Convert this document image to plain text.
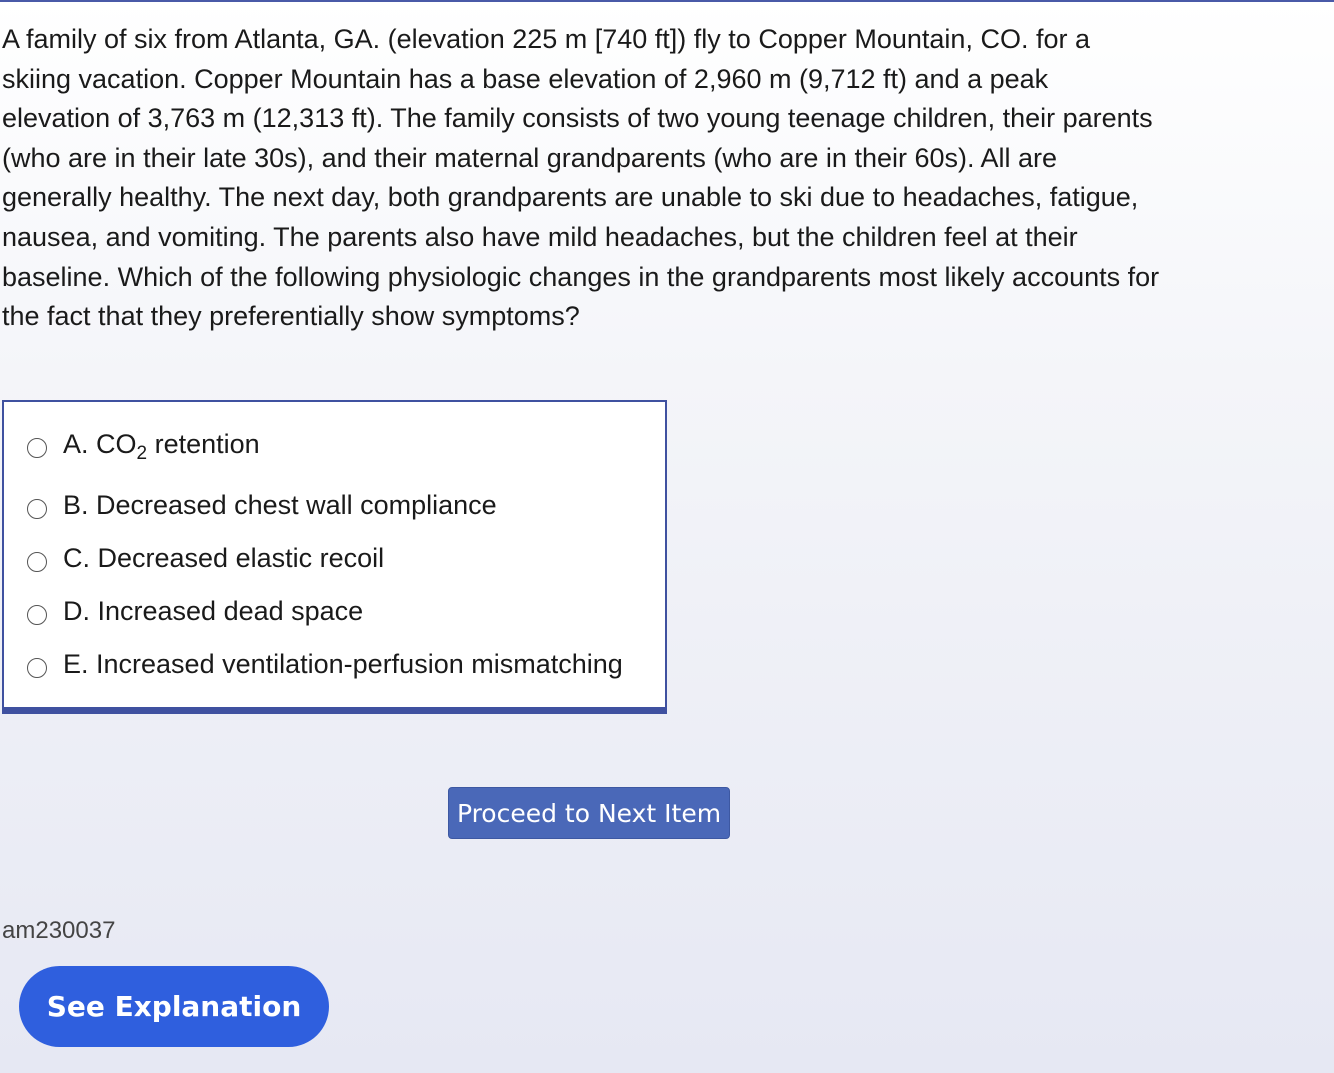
A family of six from Atlanta, GA. (elevation 225 m [740 ft]) fly to Copper Mountain, CO. for a skiing vacation. Copper Mountain has a base elevation of 2,960 m (9,712 ft) and a peak elevation of 3,763 m (12,313 ft). The family consists of two young teenage children, their parents (who are in their late 30s), and their maternal grandparents (who are in their 60s). All are generally healthy. The next day, both grandparents are unable to ski due to headaches, fatigue, nausea, and vomiting. The parents also have mild headaches, but the children feel at their baseline. Which of the following physiologic changes in the grandparents most likely accounts for the fact that they preferentially show symptoms?

A. $CO_2$ retention
B. Decreased chest wall compliance
C. Decreased elastic recoil
D. Increased dead space
E. Increased ventilation-perfusion mismatching
Proceed to Next Item
am230037
See Explanation
